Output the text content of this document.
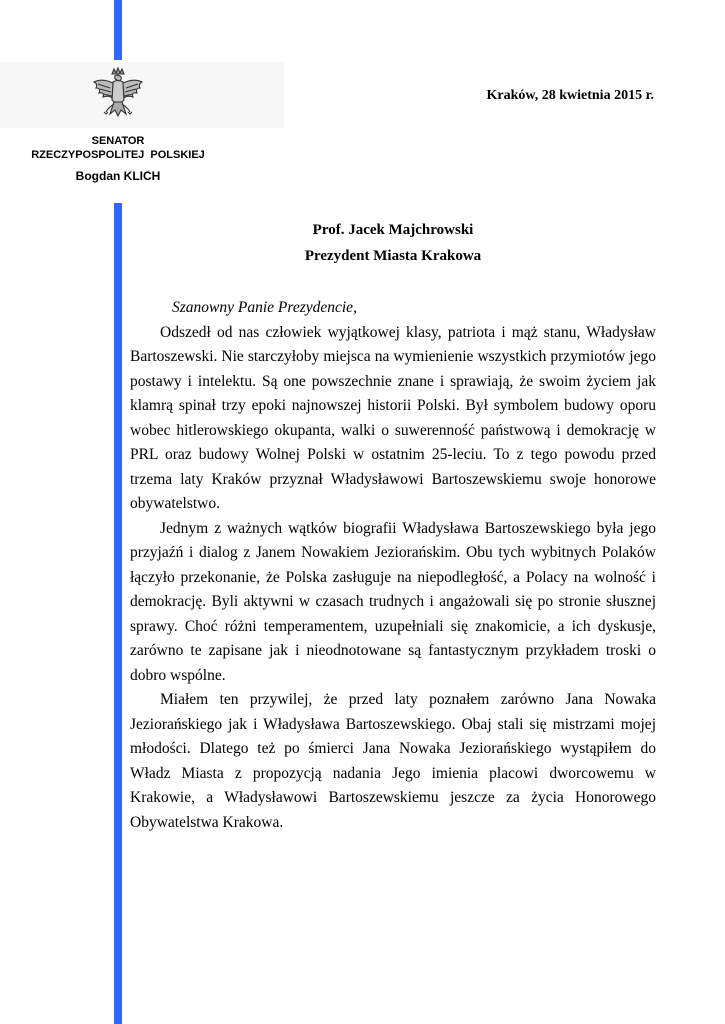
SENATOR
RZECZYPOSPOLITEJ  POLSKIEJ
Bogdan KLICH
Kraków, 28 kwietnia 2015 r.
Prof. Jacek Majchrowski
Prezydent Miasta Krakowa

Szanowny Panie Prezydencie,

Odszedł od nas człowiek wyjątkowej klasy, patriota i mąż stanu, Władysław Bartoszewski. Nie starczyłoby miejsca na wymienienie wszystkich przymiotów jego postawy i intelektu. Są one powszechnie znane i sprawiają, że swoim życiem jak klamrą spinał trzy epoki najnowszej historii Polski. Był symbolem budowy oporu wobec hitlerowskiego okupanta, walki o suwerenność państwową i demokrację w PRL oraz budowy Wolnej Polski w ostatnim 25-leciu. To z tego powodu przed trzema laty Kraków przyznał Władysławowi Bartoszewskiemu swoje honorowe obywatelstwo.

Jednym z ważnych wątków biografii Władysława Bartoszewskiego była jego przyjaźń i dialog z Janem Nowakiem Jeziorańskim. Obu tych wybitnych Polaków łączyło przekonanie, że Polska zasługuje na niepodległość, a Polacy na wolność i demokrację. Byli aktywni w czasach trudnych i angażowali się po stronie słusznej sprawy. Choć różni temperamentem, uzupełniali się znakomicie, a ich dyskusje, zarówno te zapisane jak i nieodnotowane są fantastycznym przykładem troski o dobro wspólne.

Miałem ten przywilej, że przed laty poznałem zarówno Jana Nowaka Jeziorańskiego jak i Władysława Bartoszewskiego. Obaj stali się mistrzami mojej młodości. Dlatego też po śmierci Jana Nowaka Jeziorańskiego wystąpiłem do Władz Miasta z propozycją nadania Jego imienia placowi dworcowemu w Krakowie, a Władysławowi Bartoszewskiemu jeszcze za życia Honorowego Obywatelstwa Krakowa.
